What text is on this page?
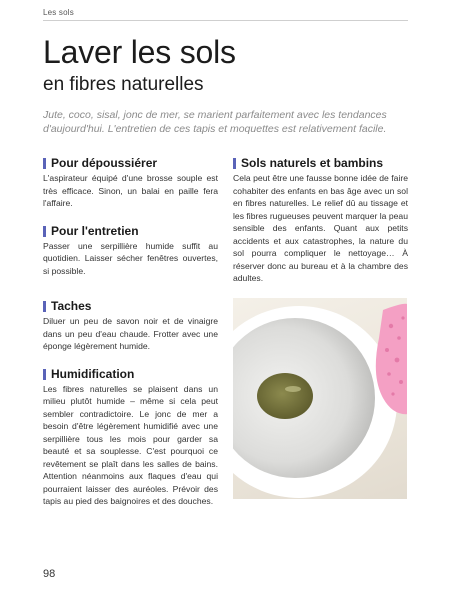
Les sols
Laver les sols
en fibres naturelles

Jute, coco, sisal, jonc de mer, se marient parfaitement avec les tendances d'aujourd'hui. L'entretien de ces tapis et moquettes est relativement facile.

Pour dépoussiérer

L'aspirateur équipé d'une brosse souple est très efficace. Sinon, un balai en paille fera l'affaire.

Pour l'entretien

Passer une serpillière humide suffit au quotidien. Laisser sécher fenêtres ouvertes, si possible.

Taches

Diluer un peu de savon noir et de vinaigre dans un peu d'eau chaude. Frotter avec une éponge légèrement humide.

Humidification

Les fibres naturelles se plaisent dans un milieu plutôt humide – même si cela peut sembler contradictoire. Le jonc de mer a besoin d'être légèrement humidifié avec une serpillière tous les mois pour garder sa beauté et sa souplesse. C'est pourquoi ce revêtement se plaît dans les salles de bains. Attention néanmoins aux flaques d'eau qui pourraient laisser des auréoles. Prévoir des tapis au pied des baignoires et des douches.

Sols naturels et bambins

Cela peut être une fausse bonne idée de faire cohabiter des enfants en bas âge avec un sol en fibres naturelles. Le relief dû au tissage et les fibres rugueuses peuvent marquer la peau sensible des enfants. Quant aux petits accidents et aux catastrophes, la nature du sol pourra compliquer le nettoyage… À réserver donc au bureau et à la chambre des adultes.

98
